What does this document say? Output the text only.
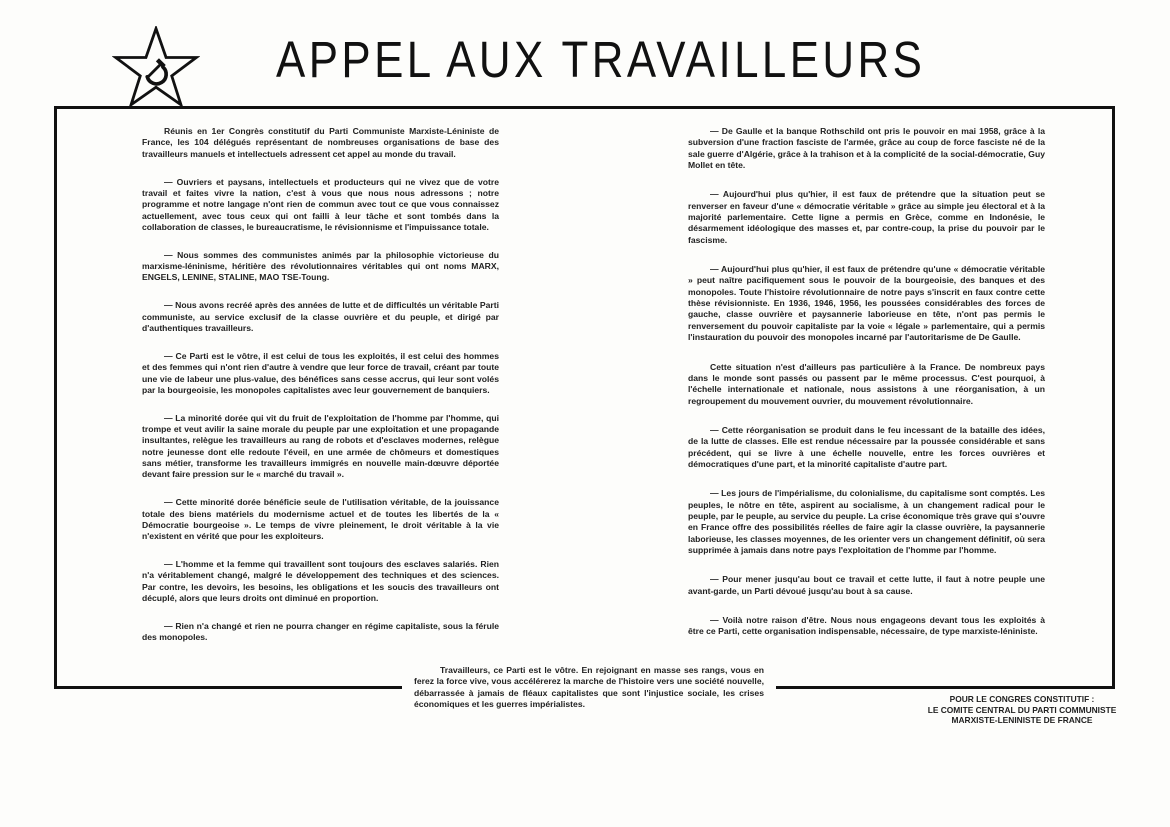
APPEL AUX TRAVAILLEURS

Réunis en 1er Congrès constitutif du Parti Communiste Marxiste-Léniniste de France, les 104 délégués représentant de nombreuses organisations de base des travailleurs manuels et intellectuels adressent cet appel au monde du travail.

— Ouvriers et paysans, intellectuels et producteurs qui ne vivez que de votre travail et faites vivre la nation, c'est à vous que nous nous adressons ; notre programme et notre langage n'ont rien de commun avec tout ce que vous connaissez actuellement, avec tous ceux qui ont failli à leur tâche et sont tombés dans la collaboration de classes, le bureaucratisme, le révisionnisme et l'impuissance totale.

— Nous sommes des communistes animés par la philosophie victorieuse du marxisme-léninisme, héritière des révolutionnaires véritables qui ont noms MARX, ENGELS, LENINE, STALINE, MAO TSE-Toung.

— Nous avons recréé après des années de lutte et de difficultés un véritable Parti communiste, au service exclusif de la classe ouvrière et du peuple, et dirigé par d'authentiques travailleurs.

— Ce Parti est le vôtre, il est celui de tous les exploités, il est celui des hommes et des femmes qui n'ont rien d'autre à vendre que leur force de travail, créant par toute une vie de labeur une plus-value, des bénéfices sans cesse accrus, qui leur sont volés par la bourgeoisie, les monopoles capitalistes avec leur gouvernement de banquiers.

— La minorité dorée qui vit du fruit de l'exploitation de l'homme par l'homme, qui trompe et veut avilir la saine morale du peuple par une exploitation et une propagande insultantes, relègue les travailleurs au rang de robots et d'esclaves modernes, relègue notre jeunesse dont elle redoute l'éveil, en une armée de chômeurs et domestiques sans métier, transforme les travailleurs immigrés en nouvelle main-dœuvre déportée devant faire pression sur le « marché du travail ».

— Cette minorité dorée bénéficie seule de l'utilisation véritable, de la jouissance totale des biens matériels du modernisme actuel et de toutes les libertés de la « Démocratie bourgeoise ». Le temps de vivre pleinement, le droit véritable à la vie n'existent en vérité que pour les exploiteurs.

— L'homme et la femme qui travaillent sont toujours des esclaves salariés. Rien n'a véritablement changé, malgré le développement des techniques et des sciences. Par contre, les devoirs, les besoins, les obligations et les soucis des travailleurs ont décuplé, alors que leurs droits ont diminué en proportion.

— Rien n'a changé et rien ne pourra changer en régime capitaliste, sous la férule des monopoles.

— De Gaulle et la banque Rothschild ont pris le pouvoir en mai 1958, grâce à la subversion d'une fraction fasciste de l'armée, grâce au coup de force fasciste né de la sale guerre d'Algérie, grâce à la trahison et à la complicité de la social-démocratie, Guy Mollet en tête.

— Aujourd'hui plus qu'hier, il est faux de prétendre que la situation peut se renverser en faveur d'une « démocratie véritable » grâce au simple jeu électoral et à la majorité parlementaire. Cette ligne a permis en Grèce, comme en Indonésie, le désarmement idéologique des masses et, par contre-coup, la prise du pouvoir par le fascisme.

— Aujourd'hui plus qu'hier, il est faux de prétendre qu'une « démocratie véritable » peut naître pacifiquement sous le pouvoir de la bourgeoisie, des banques et des monopoles. Toute l'histoire révolutionnaire de notre pays s'inscrit en faux contre cette thèse révisionniste. En 1936, 1946, 1956, les poussées considérables des forces de gauche, classe ouvrière et paysannerie laborieuse en tête, n'ont pas permis le renversement du pouvoir capitaliste par la voie « légale » parlementaire, qui a permis l'instauration du pouvoir des monopoles incarné par l'autoritarisme de De Gaulle.

Cette situation n'est d'ailleurs pas particulière à la France. De nombreux pays dans le monde sont passés ou passent par le même processus. C'est pourquoi, à l'échelle internationale et nationale, nous assistons à une réorganisation, à un regroupement du mouvement ouvrier, du mouvement révolutionnaire.

— Cette réorganisation se produit dans le feu incessant de la bataille des idées, de la lutte de classes. Elle est rendue nécessaire par la poussée considérable et sans précédent, qui se livre à une échelle nouvelle, entre les forces ouvrières et démocratiques d'une part, et la minorité capitaliste d'autre part.

— Les jours de l'impérialisme, du colonialisme, du capitalisme sont comptés. Les peuples, le nôtre en tête, aspirent au socialisme, à un changement radical pour le peuple, par le peuple, au service du peuple. La crise économique très grave qui s'ouvre en France offre des possibilités réelles de faire agir la classe ouvrière, la paysannerie laborieuse, les classes moyennes, de les orienter vers un changement définitif, où sera supprimée à jamais dans notre pays l'exploitation de l'homme par l'homme.

— Pour mener jusqu'au bout ce travail et cette lutte, il faut à notre peuple une avant-garde, un Parti dévoué jusqu'au bout à sa cause.

— Voilà notre raison d'être. Nous nous engageons devant tous les exploités à être ce Parti, cette organisation indispensable, nécessaire, de type marxiste-léniniste.

Travailleurs, ce Parti est le vôtre. En rejoignant en masse ses rangs, vous en ferez la force vive, vous accélérerez la marche de l'histoire vers une société nouvelle, débarrassée à jamais de fléaux capitalistes que sont l'injustice sociale, les crises économiques et les guerres impérialistes.	POUR LE CONGRES CONSTITUTIF :
LE COMITE CENTRAL DU PARTI COMMUNISTE
MARXISTE-LENINISTE DE FRANCE
